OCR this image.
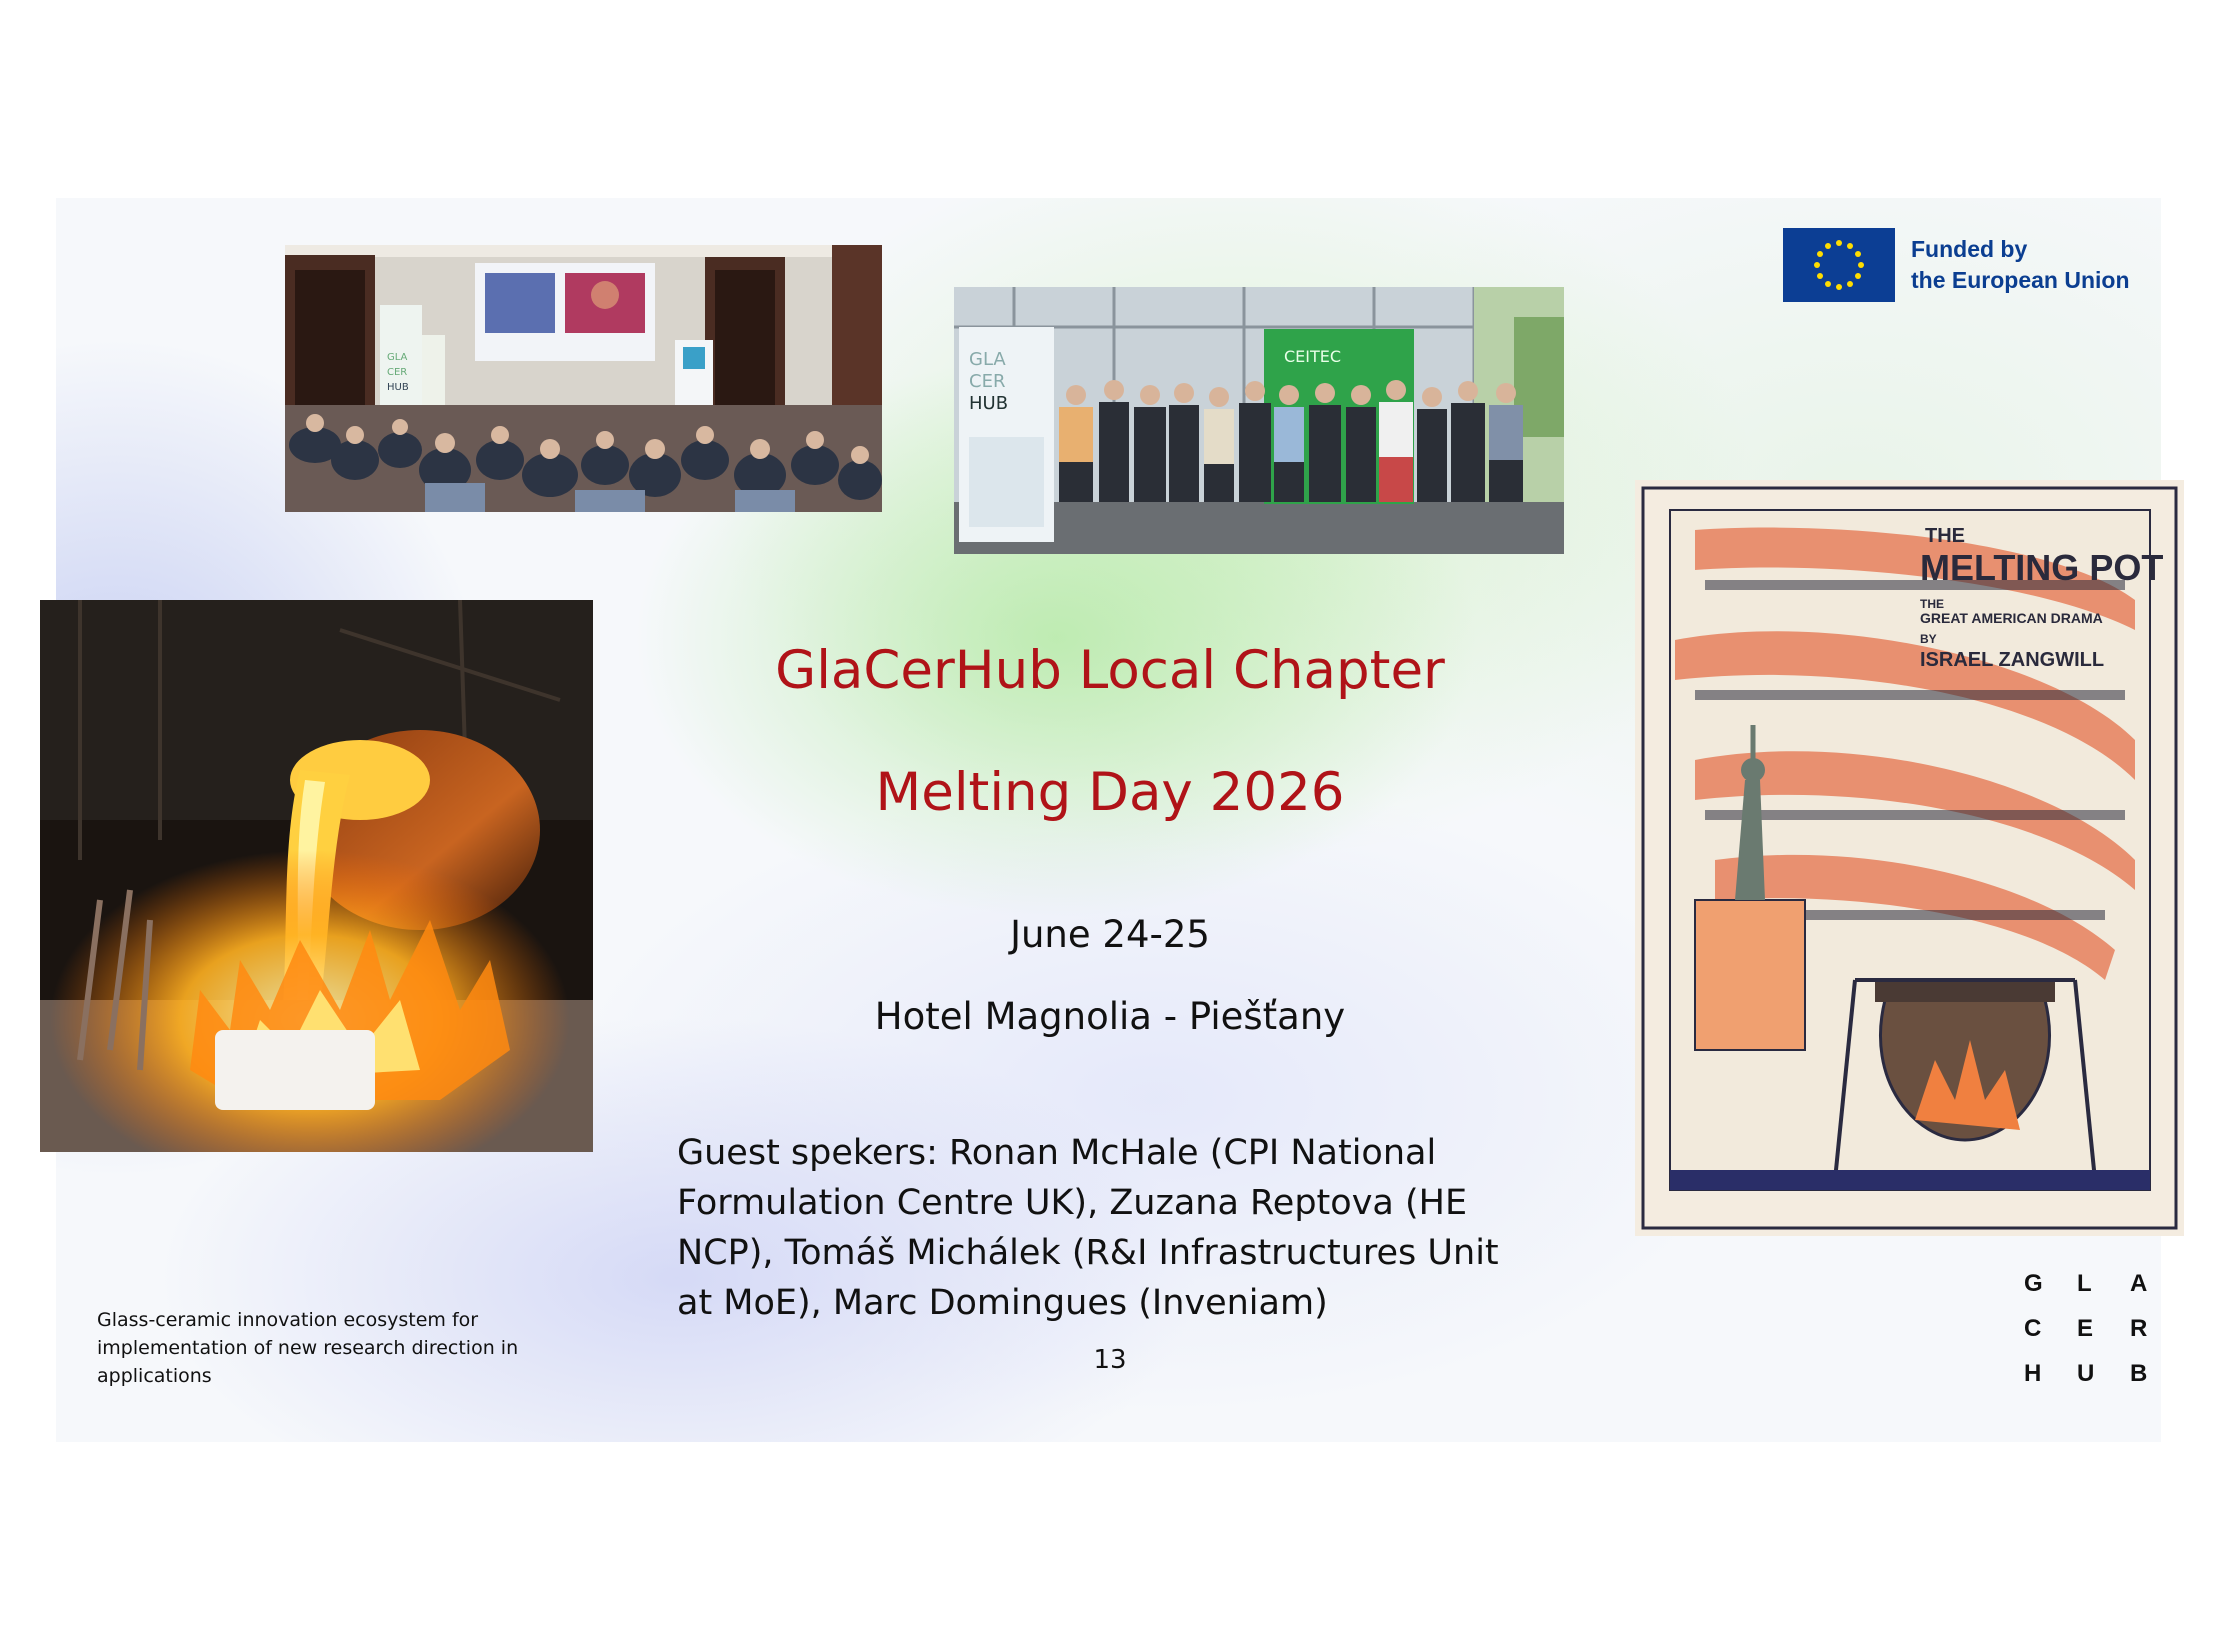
GLA
CER
HUB
GLA
CER
HUB
CEITEC
Funded by
the European Union
GlaCerHub Local Chapter
Melting Day 2026
June 24-25
Hotel Magnolia - Piešťany
Guest spekers: Ronan McHale (CPI National Formulation Centre UK), Zuzana Reptova (HE NCP), Tomáš Michálek (R&I Infrastructures Unit at MoE), Marc Domingues (Inveniam)
13
Glass-ceramic innovation ecosystem for implementation of new research direction in applications
THE
MELTING POT
THE
GREAT AMERICAN DRAMA
BY
ISRAEL ZANGWILL
G	L	A
C	E	R
H	U	B
